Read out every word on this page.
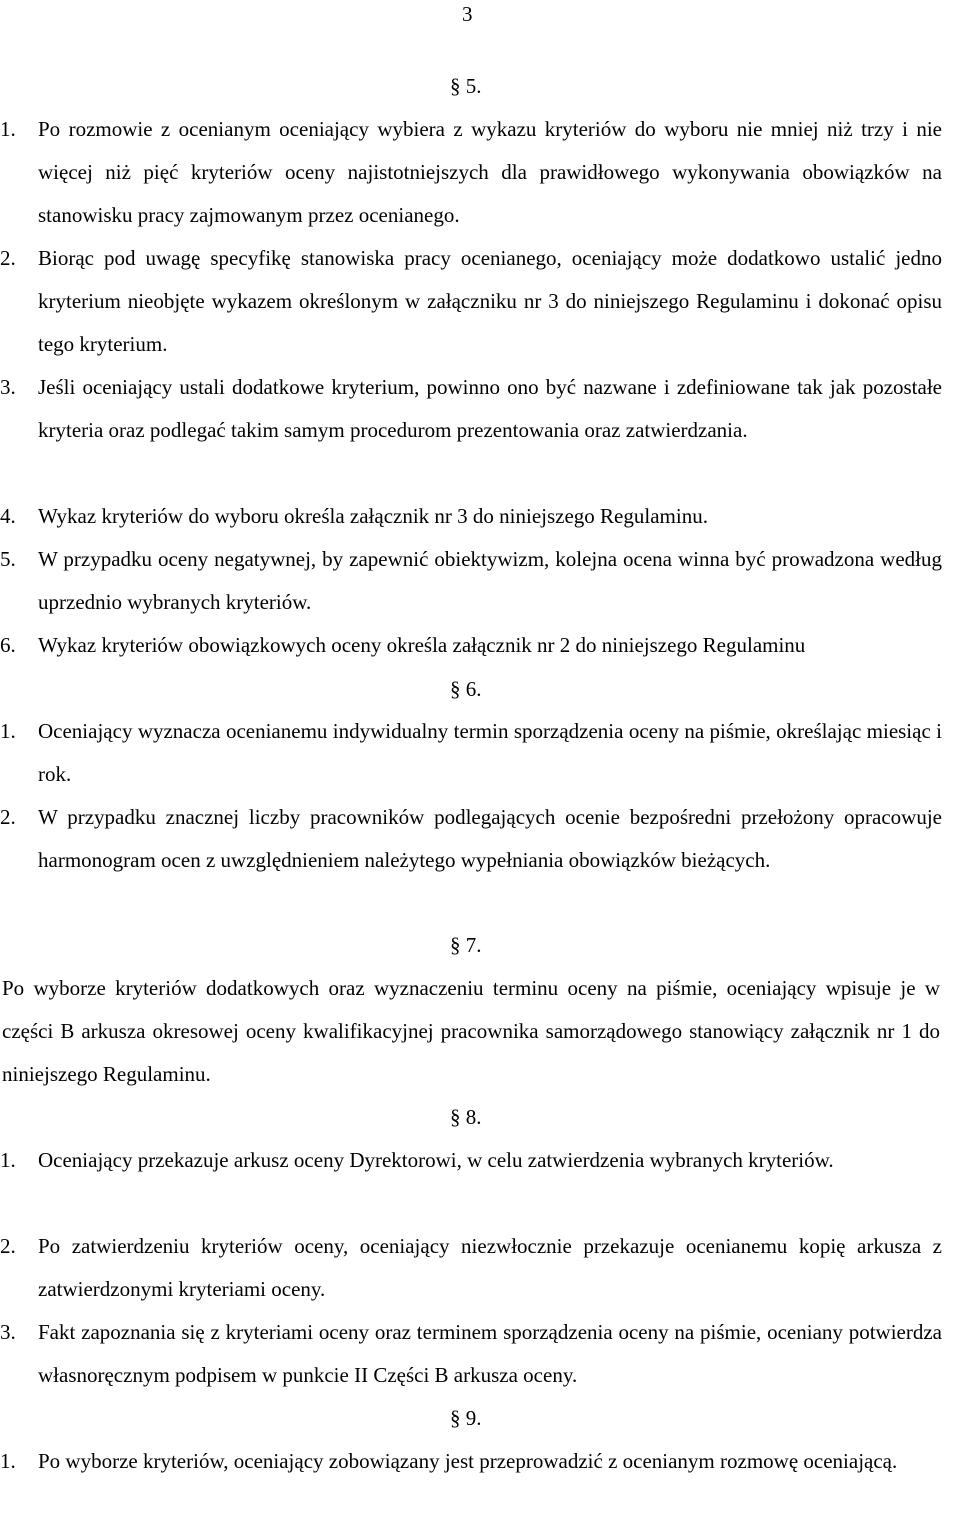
3
§ 5.
1.	Po rozmowie z ocenianym oceniający wybiera z wykazu kryteriów do wyboru nie mniej niż trzy i nie więcej niż pięć kryteriów oceny najistotniejszych dla prawidłowego wykonywania obowiązków na stanowisku pracy zajmowanym przez ocenianego.
2.	Biorąc pod uwagę specyfikę stanowiska pracy ocenianego, oceniający może dodatkowo ustalić jedno kryterium nieobjęte wykazem określonym w załączniku nr 3 do niniejszego Regulaminu i dokonać opisu tego kryterium.
3.	Jeśli oceniający ustali dodatkowe kryterium, powinno ono być nazwane i zdefiniowane tak jak pozostałe kryteria oraz podlegać takim samym procedurom prezentowania oraz zatwierdzania.
4.	Wykaz kryteriów do wyboru określa załącznik nr 3 do niniejszego Regulaminu.
5.	W przypadku oceny negatywnej, by zapewnić obiektywizm, kolejna ocena winna być prowadzona według uprzednio wybranych kryteriów.
6.	Wykaz kryteriów obowiązkowych oceny określa załącznik nr 2 do niniejszego Regulaminu
§ 6.
1.	Oceniający wyznacza ocenianemu indywidualny termin sporządzenia oceny na piśmie, określając miesiąc i rok.
2.	W przypadku znacznej liczby pracowników podlegających ocenie bezpośredni przełożony opracowuje harmonogram ocen z uwzględnieniem należytego wypełniania obowiązków bieżących.
§ 7.
Po wyborze kryteriów dodatkowych oraz wyznaczeniu terminu oceny na piśmie, oceniający wpisuje je w części B arkusza okresowej oceny kwalifikacyjnej pracownika samorządowego stanowiący załącznik nr 1 do niniejszego Regulaminu.
§ 8.
1.	Oceniający przekazuje arkusz oceny Dyrektorowi, w celu zatwierdzenia wybranych kryteriów.
2.	Po zatwierdzeniu kryteriów oceny, oceniający niezwłocznie przekazuje ocenianemu kopię arkusza z zatwierdzonymi kryteriami oceny.
3.	Fakt zapoznania się z kryteriami oceny oraz terminem sporządzenia oceny na piśmie, oceniany potwierdza własnoręcznym podpisem w punkcie II Części B arkusza oceny.
§ 9.
1.	Po wyborze kryteriów, oceniający zobowiązany jest przeprowadzić z ocenianym rozmowę oceniającą.
